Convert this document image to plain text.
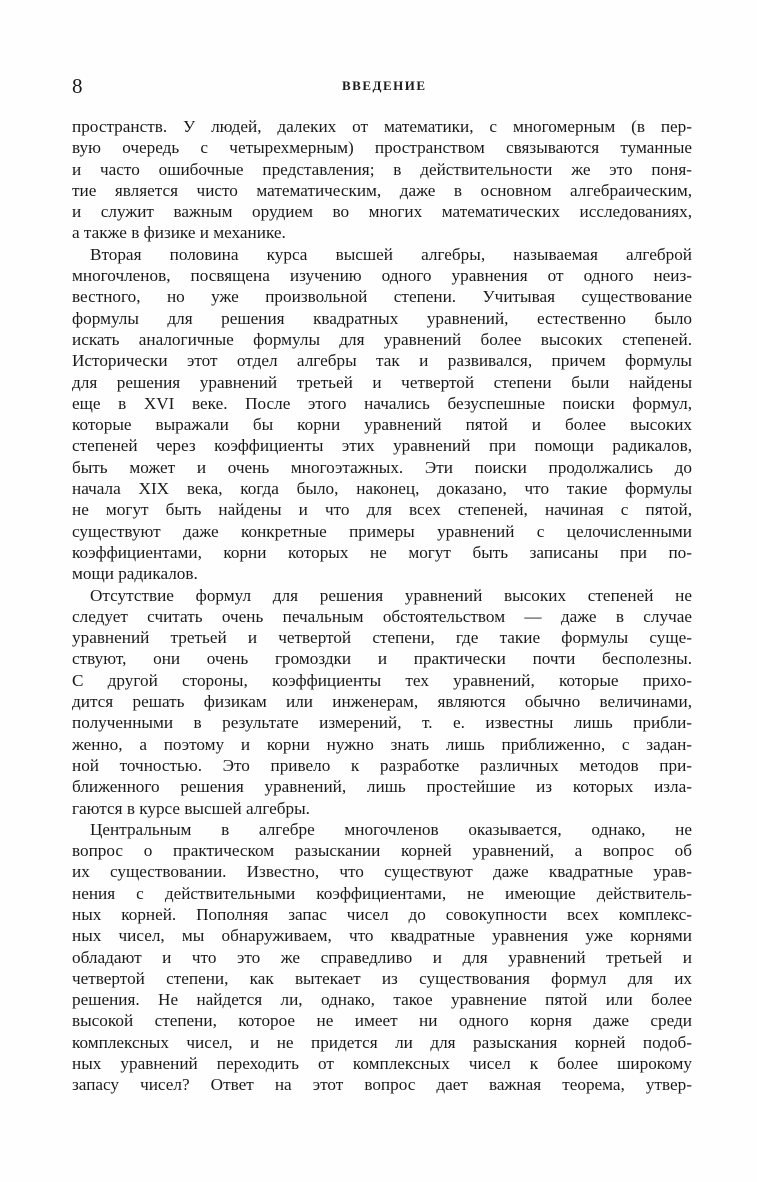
8	ВВЕДЕНИЕ
пространств. У людей, далеких от математики, с многомерным (в пер-
вую очередь с четырехмерным) пространством связываются туманные
и часто ошибочные представления; в действительности же это поня-
тие является чисто математическим, даже в основном алгебраическим,
и служит важным орудием во многих математических исследованиях,
а также в физике и механике.
Вторая половина курса высшей алгебры, называемая алгеброй
многочленов, посвящена изучению одного уравнения от одного неиз-
вестного, но уже произвольной степени. Учитывая существование
формулы для решения квадратных уравнений, естественно было
искать аналогичные формулы для уравнений более высоких степеней.
Исторически этот отдел алгебры так и развивался, причем формулы
для решения уравнений третьей и четвертой степени были найдены
еще в XVI веке. После этого начались безуспешные поиски формул,
которые выражали бы корни уравнений пятой и более высоких
степеней через коэффициенты этих уравнений при помощи радикалов,
быть может и очень многоэтажных. Эти поиски продолжались до
начала XIX века, когда было, наконец, доказано, что такие формулы
не могут быть найдены и что для всех степеней, начиная с пятой,
существуют даже конкретные примеры уравнений с целочисленными
коэффициентами, корни которых не могут быть записаны при по-
мощи радикалов.
Отсутствие формул для решения уравнений высоких степеней не
следует считать очень печальным обстоятельством — даже в случае
уравнений третьей и четвертой степени, где такие формулы суще-
ствуют, они очень громоздки и практически почти бесполезны.
С другой стороны, коэффициенты тех уравнений, которые прихо-
дится решать физикам или инженерам, являются обычно величинами,
полученными в результате измерений, т. е. известны лишь прибли-
женно, а поэтому и корни нужно знать лишь приближенно, с задан-
ной точностью. Это привело к разработке различных методов при-
ближенного решения уравнений, лишь простейшие из которых изла-
гаются в курсе высшей алгебры.
Центральным в алгебре многочленов оказывается, однако, не
вопрос о практическом разыскании корней уравнений, а вопрос об
их существовании. Известно, что существуют даже квадратные урав-
нения с действительными коэффициентами, не имеющие действитель-
ных корней. Пополняя запас чисел до совокупности всех комплекс-
ных чисел, мы обнаруживаем, что квадратные уравнения уже корнями
обладают и что это же справедливо и для уравнений третьей и
четвертой степени, как вытекает из существования формул для их
решения. Не найдется ли, однако, такое уравнение пятой или более
высокой степени, которое не имеет ни одного корня даже среди
комплексных чисел, и не придется ли для разыскания корней подоб-
ных уравнений переходить от комплексных чисел к более широкому
запасу чисел? Ответ на этот вопрос дает важная теорема, утвер-
